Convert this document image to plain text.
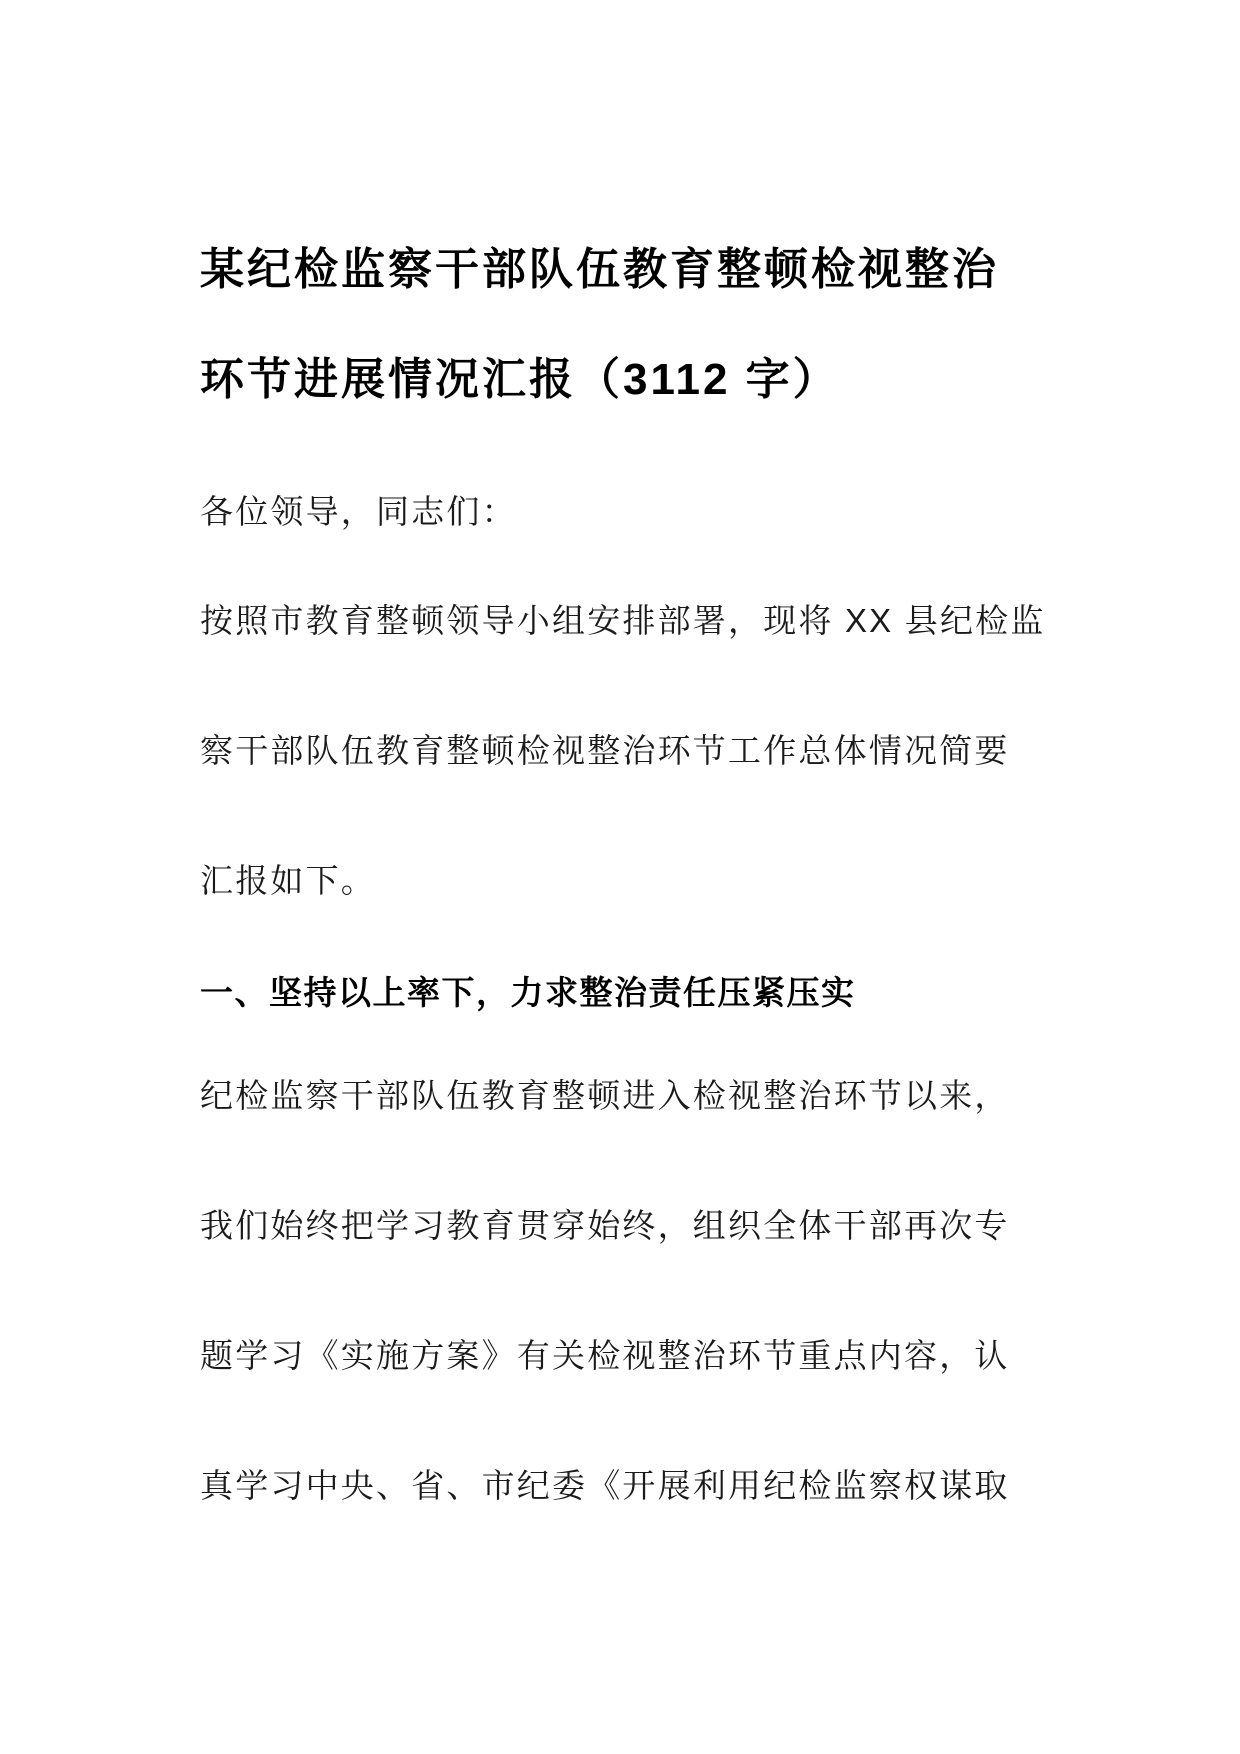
某纪检监察干部队伍教育整顿检视整治
环节进展情况汇报（3112 字）

各位领导，同志们：

按照市教育整顿领导小组安排部署，现将 XX 县纪检监
察干部队伍教育整顿检视整治环节工作总体情况简要
汇报如下。

一、坚持以上率下，力求整治责任压紧压实

纪检监察干部队伍教育整顿进入检视整治环节以来，
我们始终把学习教育贯穿始终，组织全体干部再次专
题学习《实施方案》有关检视整治环节重点内容，认
真学习中央、省、市纪委《开展利用纪检监察权谋取
